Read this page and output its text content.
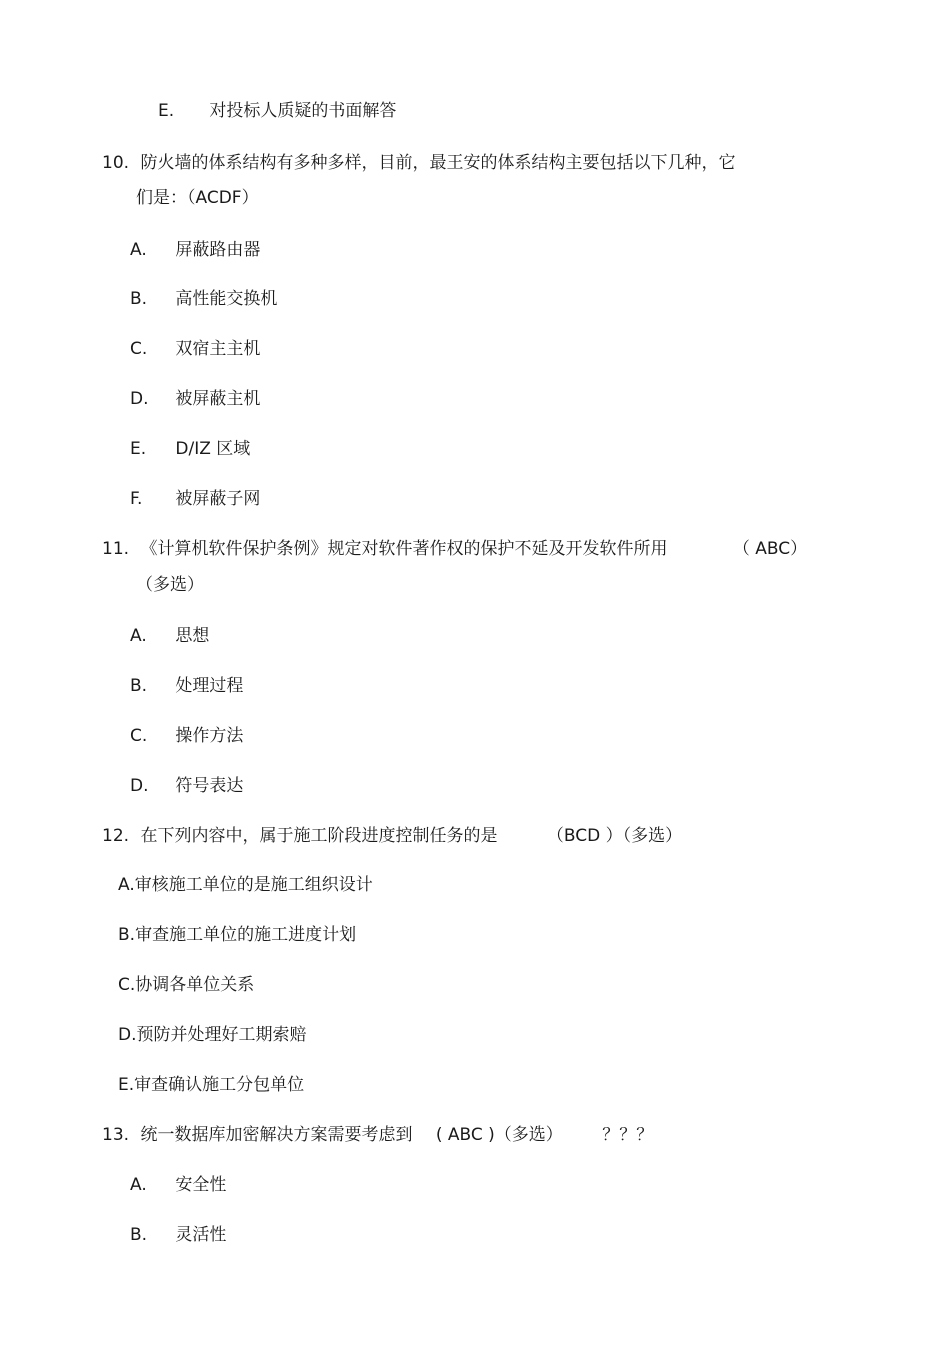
E. 对投标人质疑的书面解答
10. 防火墙的体系结构有多种多样，目前，最王安的体系结构主要包括以下几种，它
们是：（ACDF）
A. 屏蔽路由器
B. 高性能交换机
C. 双宿主主机
D. 被屏蔽主机
E. D/IZ 区域
F. 被屏蔽子网
11. 《计算机软件保护条例》规定对软件著作权的保护不延及开发软件所用	（ ABC）
（多选）
A. 思想
B. 处理过程
C. 操作方法
D. 符号表达
12. 在下列内容中，属于施工阶段进度控制任务的是	（BCD ）（多选）
A.审核施工单位的是施工组织设计
B.审查施工单位的施工进度计划
C.协调各单位关系
D.预防并处理好工期索赔
E.审查确认施工分包单位
13. 统一数据库加密解决方案需要考虑到 ( ABC )（多选） ？？？
A. 安全性
B. 灵活性
